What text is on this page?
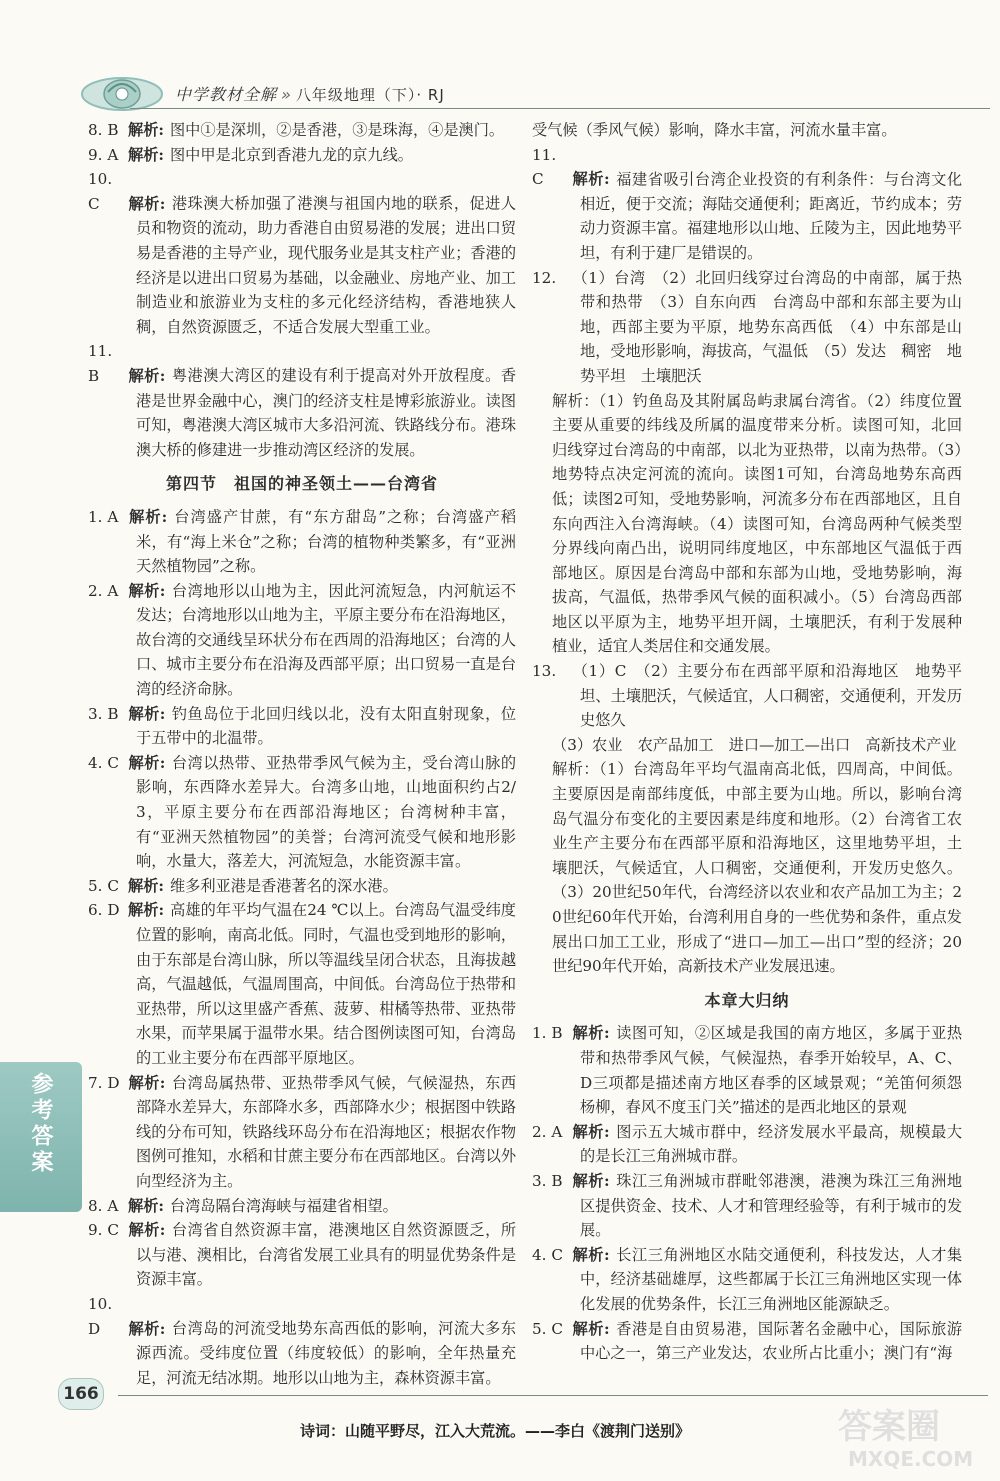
中学教材全解 » 八年级地理（下）· RJ

8. B 解析: 图中①是深圳，②是香港，③是珠海，④是澳门。

9. A 解析: 图中甲是北京到香港九龙的京九线。

10. C 解析: 港珠澳大桥加强了港澳与祖国内地的联系，促进人员和物资的流动，助力香港自由贸易港的发展；进出口贸易是香港的主导产业，现代服务业是其支柱产业；香港的经济是以进出口贸易为基础，以金融业、房地产业、加工制造业和旅游业为支柱的多元化经济结构，香港地狭人稠，自然资源匮乏，不适合发展大型重工业。

11. B 解析: 粤港澳大湾区的建设有利于提高对外开放程度。香港是世界金融中心，澳门的经济支柱是博彩旅游业。读图可知，粤港澳大湾区城市大多沿河流、铁路线分布。港珠澳大桥的修建进一步推动湾区经济的发展。

第四节　祖国的神圣领土——台湾省

1. A 解析: 台湾盛产甘蔗，有“东方甜岛”之称；台湾盛产稻米，有“海上米仓”之称；台湾的植物种类繁多，有“亚洲天然植物园”之称。

2. A 解析: 台湾地形以山地为主，因此河流短急，内河航运不发达；台湾地形以山地为主，平原主要分布在沿海地区，故台湾的交通线呈环状分布在西周的沿海地区；台湾的人口、城市主要分布在沿海及西部平原；出口贸易一直是台湾的经济命脉。

3. B 解析: 钓鱼岛位于北回归线以北，没有太阳直射现象，位于五带中的北温带。

4. C 解析: 台湾以热带、亚热带季风气候为主，受台湾山脉的影响，东西降水差异大。台湾多山地，山地面积约占2/3，平原主要分布在西部沿海地区；台湾树种丰富，有“亚洲天然植物园”的美誉；台湾河流受气候和地形影响，水量大，落差大，河流短急，水能资源丰富。

5. C 解析: 维多利亚港是香港著名的深水港。

6. D 解析: 高雄的年平均气温在24 ℃以上。台湾岛气温受纬度位置的影响，南高北低。同时，气温也受到地形的影响，由于东部是台湾山脉，所以等温线呈闭合状态，且海拔越高，气温越低，气温周围高，中间低。台湾岛位于热带和亚热带，所以这里盛产香蕉、菠萝、柑橘等热带、亚热带水果，而苹果属于温带水果。结合图例读图可知，台湾岛的工业主要分布在西部平原地区。

7. D 解析: 台湾岛属热带、亚热带季风气候，气候湿热，东西部降水差异大，东部降水多，西部降水少；根据图中铁路线的分布可知，铁路线环岛分布在沿海地区；根据农作物图例可推知，水稻和甘蔗主要分布在西部地区。台湾以外向型经济为主。

8. A 解析: 台湾岛隔台湾海峡与福建省相望。

9. C 解析: 台湾省自然资源丰富，港澳地区自然资源匮乏，所以与港、澳相比，台湾省发展工业具有的明显优势条件是资源丰富。

10. D 解析: 台湾岛的河流受地势东高西低的影响，河流大多东源西流。受纬度位置（纬度较低）的影响，全年热量充足，河流无结冰期。地形以山地为主，森林资源丰富。

受气候（季风气候）影响，降水丰富，河流水量丰富。

11. C 解析: 福建省吸引台湾企业投资的有利条件：与台湾文化相近，便于交流；海陆交通便利；距离近，节约成本；劳动力资源丰富。福建地形以山地、丘陵为主，因此地势平坦，有利于建厂是错误的。

12. （1）台湾　（2）北回归线穿过台湾岛的中南部，属于热带和热带　（3）自东向西　台湾岛中部和东部主要为山地，西部主要为平原，地势东高西低　（4）中东部是山地，受地形影响，海拔高，气温低　（5）发达　稠密　地势平坦　土壤肥沃

解析：（1）钓鱼岛及其附属岛屿隶属台湾省。（2）纬度位置主要从重要的纬线及所属的温度带来分析。读图可知，北回归线穿过台湾岛的中南部，以北为亚热带，以南为热带。（3）地势特点决定河流的流向。读图1可知，台湾岛地势东高西低；读图2可知，受地势影响，河流多分布在西部地区，且自东向西注入台湾海峡。（4）读图可知，台湾岛两种气候类型分界线向南凸出，说明同纬度地区，中东部地区气温低于西部地区。原因是台湾岛中部和东部为山地，受地势影响，海拔高，气温低，热带季风气候的面积减小。（5）台湾岛西部地区以平原为主，地势平坦开阔，土壤肥沃，有利于发展种植业，适宜人类居住和交通发展。

13. （1）C　（2）主要分布在西部平原和沿海地区　地势平坦、土壤肥沃，气候适宜，人口稠密，交通便利，开发历史悠久

（3）农业　农产品加工　进口—加工—出口　高新技术产业

解析：（1）台湾岛年平均气温南高北低，四周高，中间低。主要原因是南部纬度低，中部主要为山地。所以，影响台湾岛气温分布变化的主要因素是纬度和地形。（2）台湾省工农业生产主要分布在西部平原和沿海地区，这里地势平坦，土壤肥沃，气候适宜，人口稠密，交通便利，开发历史悠久。（3）20世纪50年代，台湾经济以农业和农产品加工为主；20世纪60年代开始，台湾利用自身的一些优势和条件，重点发展出口加工工业，形成了“进口—加工—出口”型的经济；20世纪90年代开始，高新技术产业发展迅速。

本章大归纳

1. B 解析: 读图可知，②区域是我国的南方地区，多属于亚热带和热带季风气候，气候湿热，春季开始较早，A、C、D三项都是描述南方地区春季的区域景观；“羌笛何须怨杨柳，春风不度玉门关”描述的是西北地区的景观

2. A 解析: 图示五大城市群中，经济发展水平最高，规模最大的是长江三角洲城市群。

3. B 解析: 珠江三角洲城市群毗邻港澳，港澳为珠江三角洲地区提供资金、技术、人才和管理经验等，有利于城市的发展。

4. C 解析: 长江三角洲地区水陆交通便利，科技发达，人才集中，经济基础雄厚，这些都属于长江三角洲地区实现一体化发展的优势条件，长江三角洲地区能源缺乏。

5. C 解析: 香港是自由贸易港，国际著名金融中心，国际旅游中心之一，第三产业发达，农业所占比重小；澳门有“海

参考答案
166
诗词：山随平野尽，江入大荒流。——李白《渡荆门送别》	答案圈
MXQE.COM
